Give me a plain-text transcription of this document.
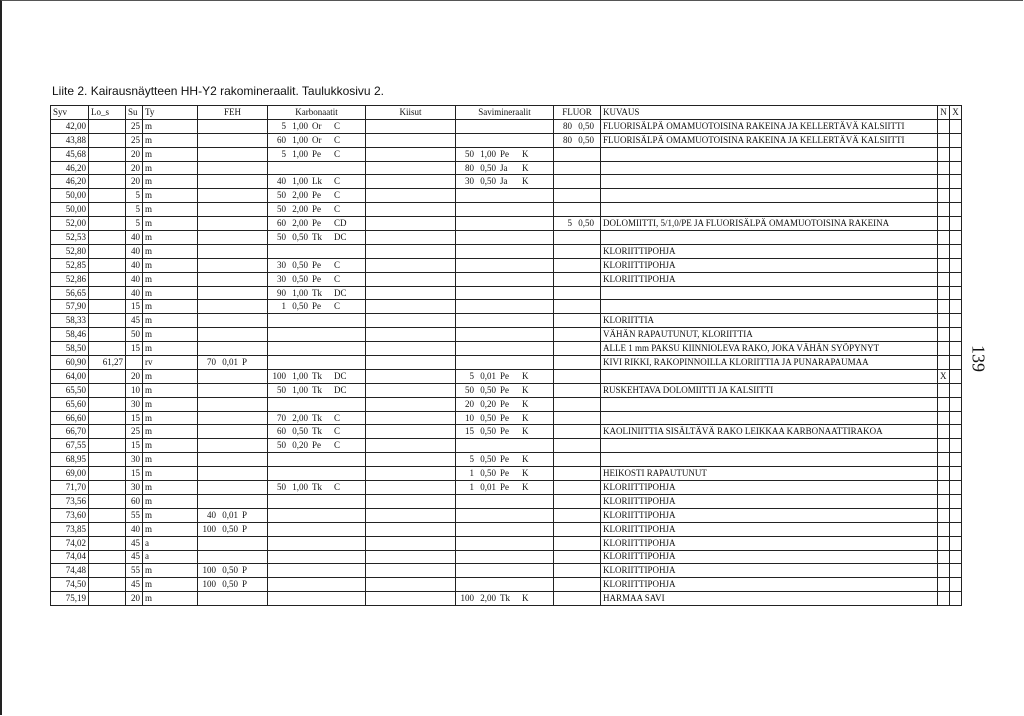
Liite 2. Kairausnäytteen HH-Y2 rakomineraalit. Taulukkosivu 2.
139
Syv	Lo_s	Su	Ty	FEH	Karbonaatit	Kiisut	Savimineraalit	FLUOR	KUVAUS	N	X
42,00		25	m		5 1,00 Or C			80 0,50	FLUORISÄLPÄ OMAMUOTOISINA RAKEINA JA KELLERTÄVÄ KALSIITTI		
43,88		25	m		60 1,00 Or C			80 0,50	FLUORISÄLPÄ OMAMUOTOISINA RAKEINA JA KELLERTÄVÄ KALSIITTI		
45,68		20	m		5 1,00 Pe C		50 1,00 Pe K				
46,20		20	m				80 0,50 Ja K				
46,20		20	m		40 1,00 Lk C		30 0,50 Ja K				
50,00		5	m		50 2,00 Pe C						
50,00		5	m		50 2,00 Pe C						
52,00		5	m		60 2,00 Pe CD			5 0,50	DOLOMIITTI, 5/1,0/PE JA FLUORISÄLPÄ OMAMUOTOISINA RAKEINA		
52,53		40	m		50 0,50 Tk DC						
52,80		40	m						KLORIITTIPOHJA		
52,85		40	m		30 0,50 Pe C				KLORIITTIPOHJA		
52,86		40	m		30 0,50 Pe C				KLORIITTIPOHJA		
56,65		40	m		90 1,00 Tk DC						
57,90		15	m		1 0,50 Pe C						
58,33		45	m						KLORIITTIA		
58,46		50	m						VÄHÄN RAPAUTUNUT, KLORIITTIA		
58,50		15	m						ALLE 1 mm PAKSU KIINNIOLEVA RAKO, JOKA VÄHÄN SYÖPYNYT		
60,90	61,27		rv	70 0,01 P					KIVI RIKKI, RAKOPINNOILLA KLORIITTIA JA PUNARAPAUMAA		
64,00		20	m		100 1,00 Tk DC		5 0,01 Pe K			X	
65,50		10	m		50 1,00 Tk DC		50 0,50 Pe K		RUSKEHTAVA DOLOMIITTI JA KALSIITTI		
65,60		30	m				20 0,20 Pe K				
66,60		15	m		70 2,00 Tk C		10 0,50 Pe K				
66,70		25	m		60 0,50 Tk C		15 0,50 Pe K		KAOLINIITTIA SISÄLTÄVÄ RAKO LEIKKAA KARBONAATTIRAKOA		
67,55		15	m		50 0,20 Pe C						
68,95		30	m				5 0,50 Pe K				
69,00		15	m				1 0,50 Pe K		HEIKOSTI RAPAUTUNUT		
71,70		30	m		50 1,00 Tk C		1 0,01 Pe K		KLORIITTIPOHJA		
73,56		60	m						KLORIITTIPOHJA		
73,60		55	m	40 0,01 P					KLORIITTIPOHJA		
73,85		40	m	100 0,50 P					KLORIITTIPOHJA		
74,02		45	a						KLORIITTIPOHJA		
74,04		45	a						KLORIITTIPOHJA		
74,48		55	m	100 0,50 P					KLORIITTIPOHJA		
74,50		45	m	100 0,50 P					KLORIITTIPOHJA		
75,19		20	m				100 2,00 Tk K		HARMAA SAVI		
